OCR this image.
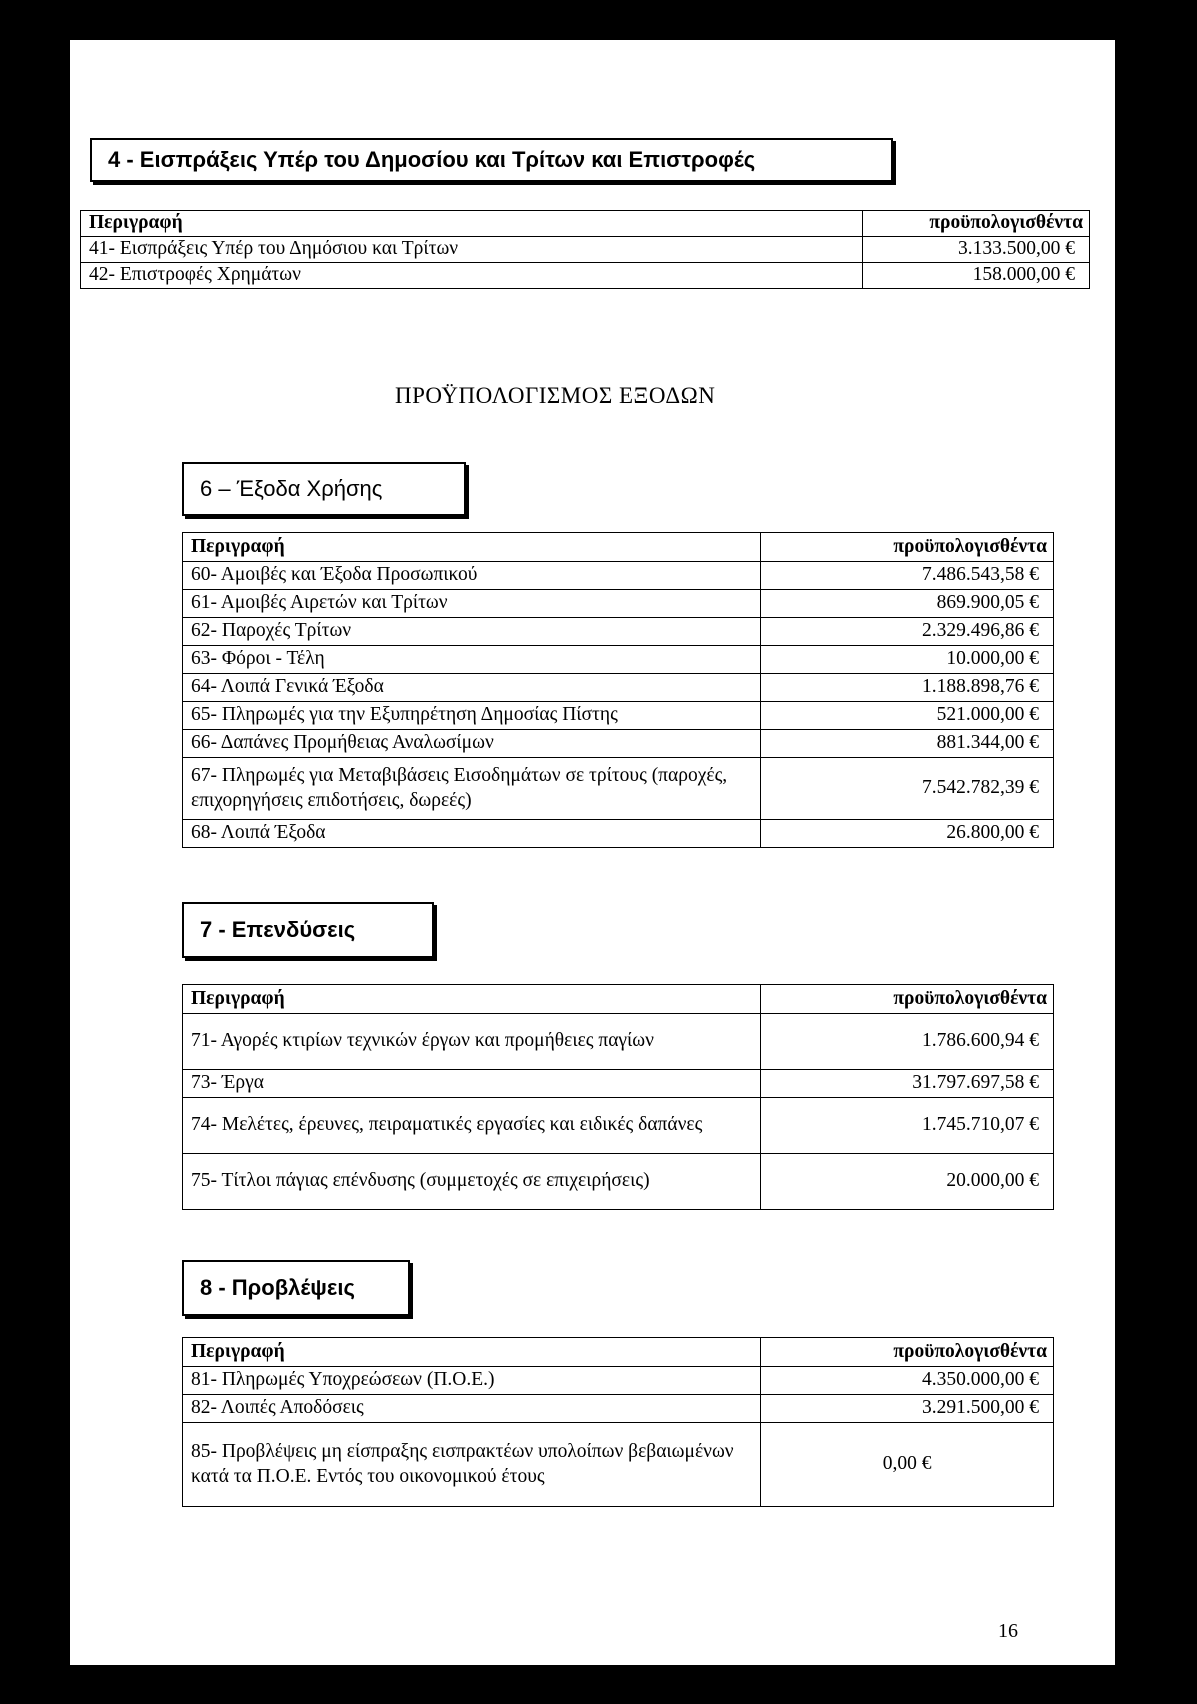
4 - Εισπράξεις Υπέρ του Δημοσίου και Τρίτων και Επιστροφές
Περιγραφή	προϋπολογισθέντα
41- Εισπράξεις Υπέρ του Δημόσιου και Τρίτων	3.133.500,00 €
42- Επιστροφές Χρημάτων	158.000,00 €
ΠΡΟΫΠΟΛΟΓΙΣΜΟΣ ΕΞΟΔΩΝ
6 – Έξοδα Χρήσης
Περιγραφή	προϋπολογισθέντα
60- Αμοιβές και Έξοδα Προσωπικού	7.486.543,58 €
61- Αμοιβές Αιρετών και Τρίτων	869.900,05 €
62- Παροχές Τρίτων	2.329.496,86 €
63- Φόροι - Τέλη	10.000,00 €
64- Λοιπά Γενικά Έξοδα	1.188.898,76 €
65- Πληρωμές για την Εξυπηρέτηση Δημοσίας Πίστης	521.000,00 €
66- Δαπάνες Προμήθειας Αναλωσίμων	881.344,00 €
67- Πληρωμές για Μεταβιβάσεις Εισοδημάτων σε τρίτους (παροχές, επιχορηγήσεις επιδοτήσεις, δωρεές)	7.542.782,39 €
68- Λοιπά Έξοδα	26.800,00 €
7 - Επενδύσεις
Περιγραφή	προϋπολογισθέντα
71- Αγορές κτιρίων τεχνικών έργων και προμήθειες παγίων	1.786.600,94 €
73- Έργα	31.797.697,58 €
74- Μελέτες, έρευνες, πειραματικές εργασίες και ειδικές δαπάνες	1.745.710,07 €
75- Τίτλοι πάγιας επένδυσης (συμμετοχές σε επιχειρήσεις)	20.000,00 €
8 - Προβλέψεις
Περιγραφή	προϋπολογισθέντα
81- Πληρωμές Υποχρεώσεων (Π.Ο.Ε.)	4.350.000,00 €
82- Λοιπές Αποδόσεις	3.291.500,00 €
85- Προβλέψεις μη είσπραξης εισπρακτέων υπολοίπων βεβαιωμένων κατά τα Π.Ο.Ε. Εντός του οικονομικού έτους	0,00 €
16
